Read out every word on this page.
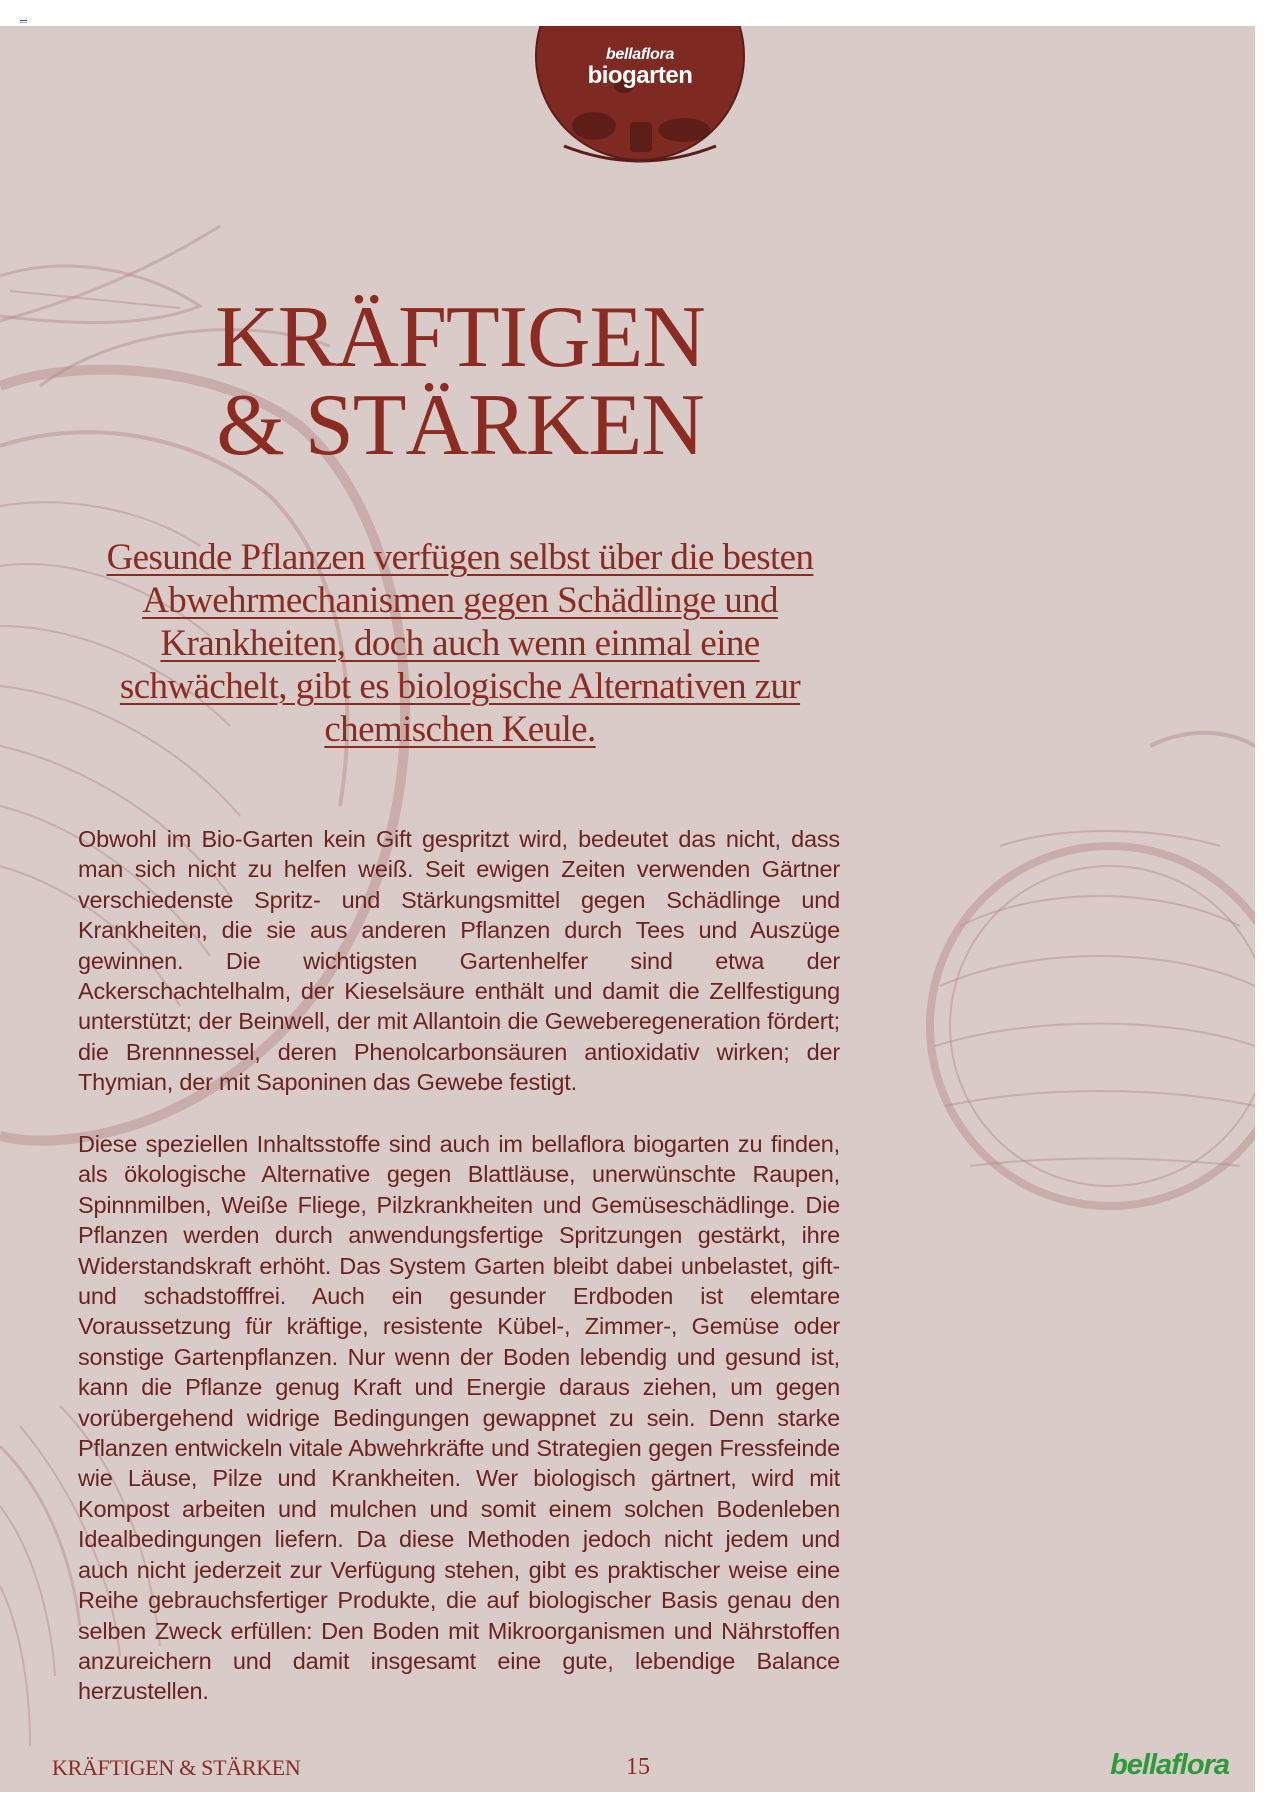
bellaflora
biogarten
KRÄFTIGEN
& STÄRKEN

Gesunde Pflanzen verfügen selbst über die besten Abwehrmechanismen gegen Schädlinge und Krankheiten, doch auch wenn einmal eine schwächelt, gibt es biologische Alternativen zur chemischen Keule.

Obwohl im Bio-Garten kein Gift gespritzt wird, bedeutet das nicht, dass man sich nicht zu helfen weiß. Seit ewigen Zeiten verwenden Gärtner verschiedenste Spritz- und Stärkungsmittel gegen Schädlinge und Krankheiten, die sie aus anderen Pflanzen durch Tees und Auszüge gewinnen. Die wichtigsten Gartenhelfer sind etwa der Ackerschachtelhalm, der Kieselsäure enthält und damit die Zellfestigung unterstützt; der Beinwell, der mit Allantoin die Geweberegeneration fördert; die Brennnessel, deren Phenolcarbonsäuren antioxidativ wirken; der Thymian, der mit Saponinen das Gewebe festigt.

Diese speziellen Inhaltsstoffe sind auch im bellaflora biogarten zu finden, als ökologische Alternative gegen Blattläuse, unerwünschte Raupen, Spinnmilben, Weiße Fliege, Pilzkrankheiten und Gemüseschädlinge. Die Pflanzen werden durch anwendungsfertige Spritzungen gestärkt, ihre Widerstandskraft erhöht. Das System Garten bleibt dabei unbelastet, gift- und schadstofffrei. Auch ein gesunder Erdboden ist elemtare Voraussetzung für kräftige, resistente Kübel-, Zimmer-, Gemüse oder sonstige Gartenpflanzen. Nur wenn der Boden lebendig und gesund ist, kann die Pflanze genug Kraft und Energie daraus ziehen, um gegen vorübergehend widrige Bedingungen gewappnet zu sein. Denn starke Pflanzen entwickeln vitale Abwehrkräfte und Strategien gegen Fressfeinde wie Läuse, Pilze und Krankheiten. Wer biologisch gärtnert, wird mit Kompost arbeiten und mulchen und somit einem solchen Bodenleben Idealbedingungen liefern. Da diese Methoden jedoch nicht jedem und auch nicht jederzeit zur Verfügung stehen, gibt es praktischer weise eine Reihe gebrauchsfertiger Produkte, die auf biologischer Basis genau den selben Zweck erfüllen: Den Boden mit Mikroorganismen und Nährstoffen anzureichern und damit insgesamt eine gute, lebendige Balance herzustellen.

KRÄFTIGEN & STÄRKEN	15	bellaflora
